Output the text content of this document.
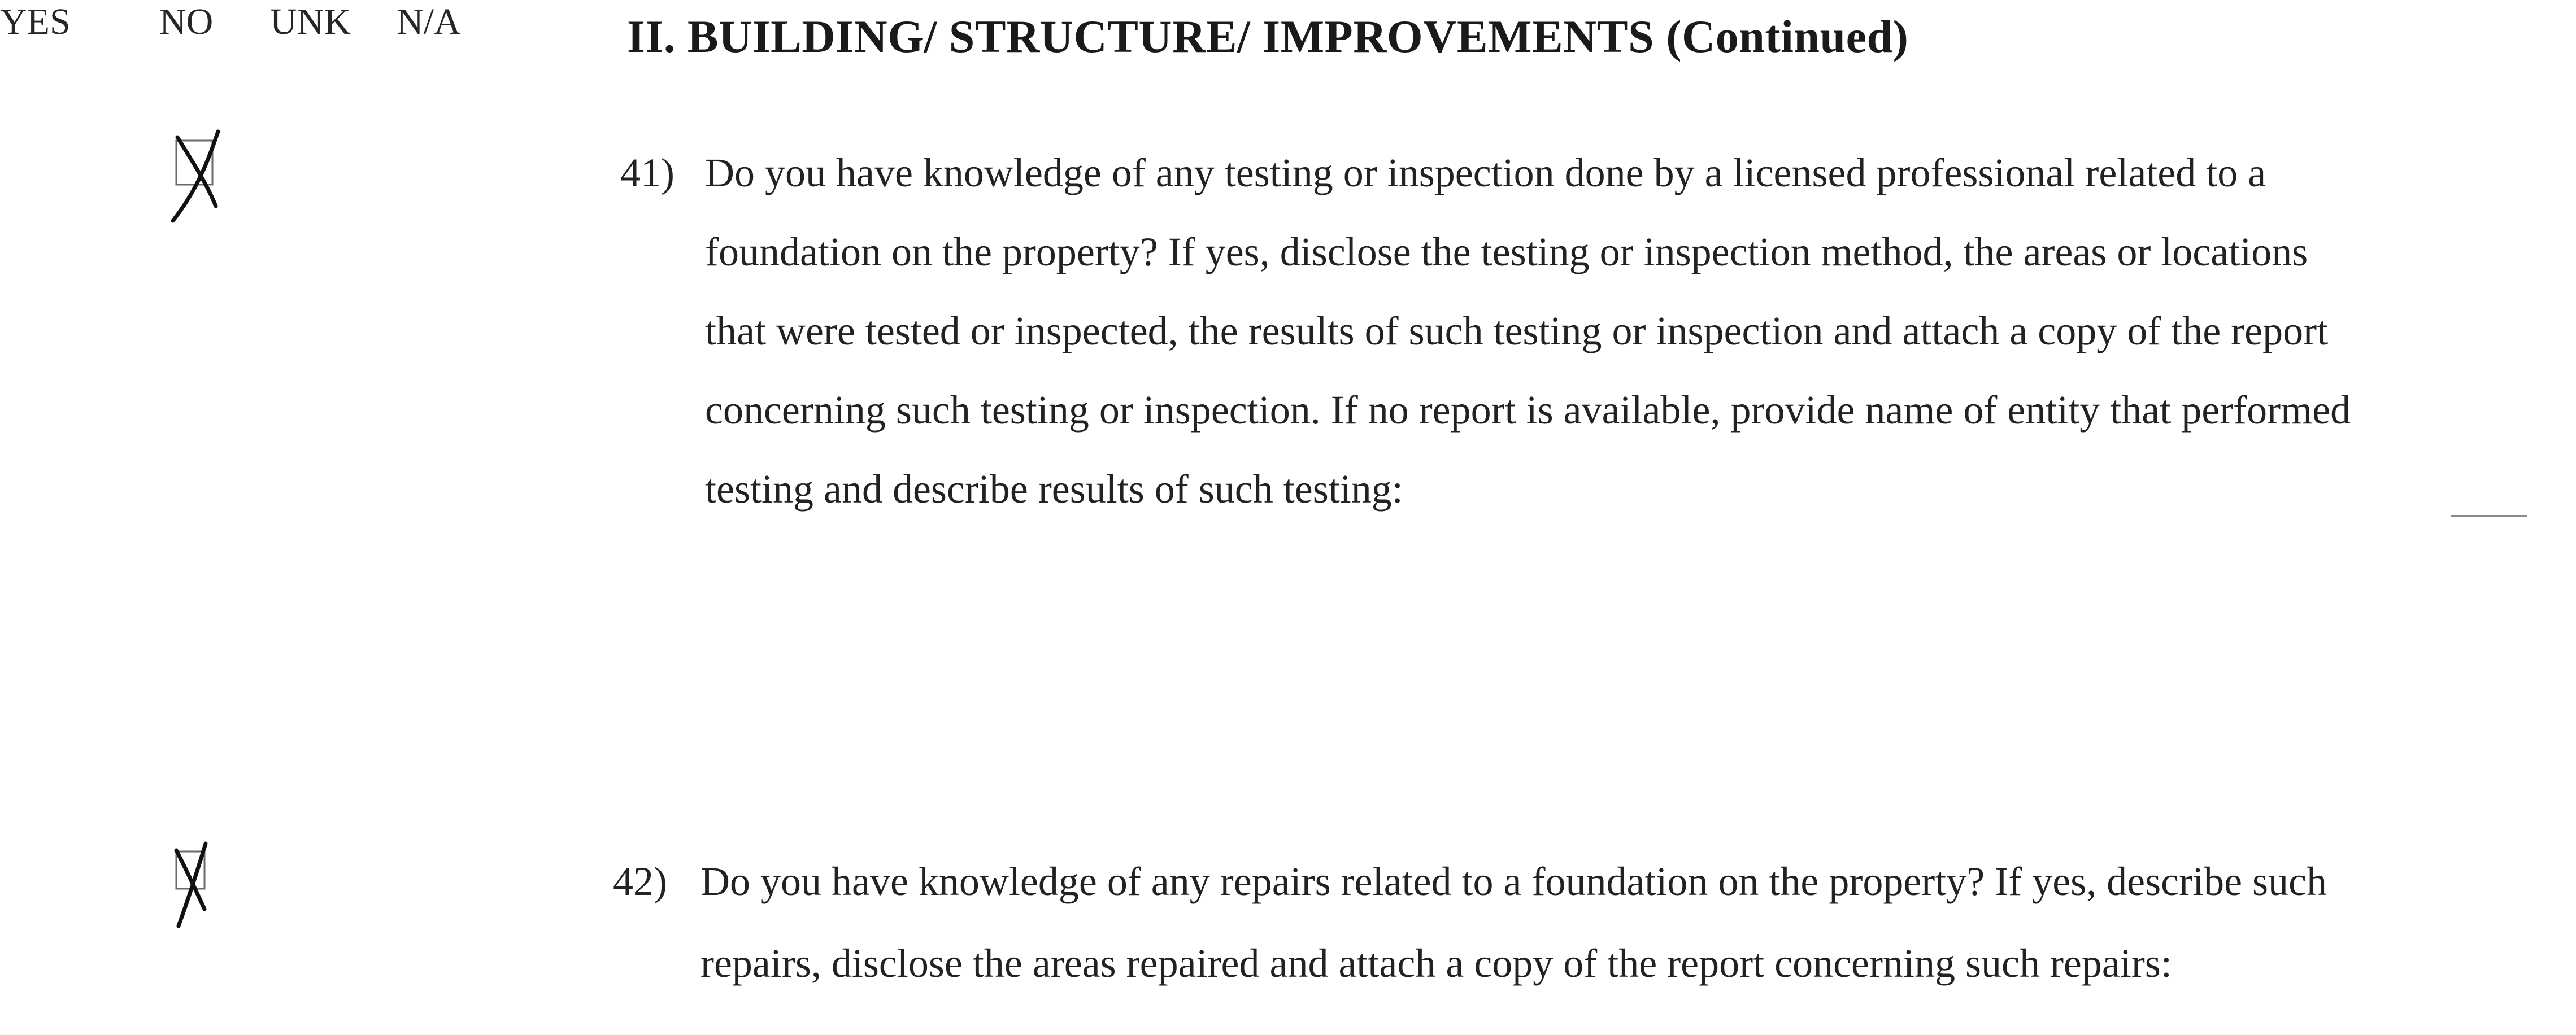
YES NO UNK N/A	II. BUILDING/ STRUCTURE/ IMPROVEMENTS (Continued)
41) Do you have knowledge of any testing or inspection done by a licensed professional related to a
foundation on the property? If yes, disclose the testing or inspection method, the areas or locations
that were tested or inspected, the results of such testing or inspection and attach a copy of the report
concerning such testing or inspection. If no report is available, provide name of entity that performed
testing and describe results of such testing:
42) Do you have knowledge of any repairs related to a foundation on the property? If yes, describe such
repairs, disclose the areas repaired and attach a copy of the report concerning such repairs:
